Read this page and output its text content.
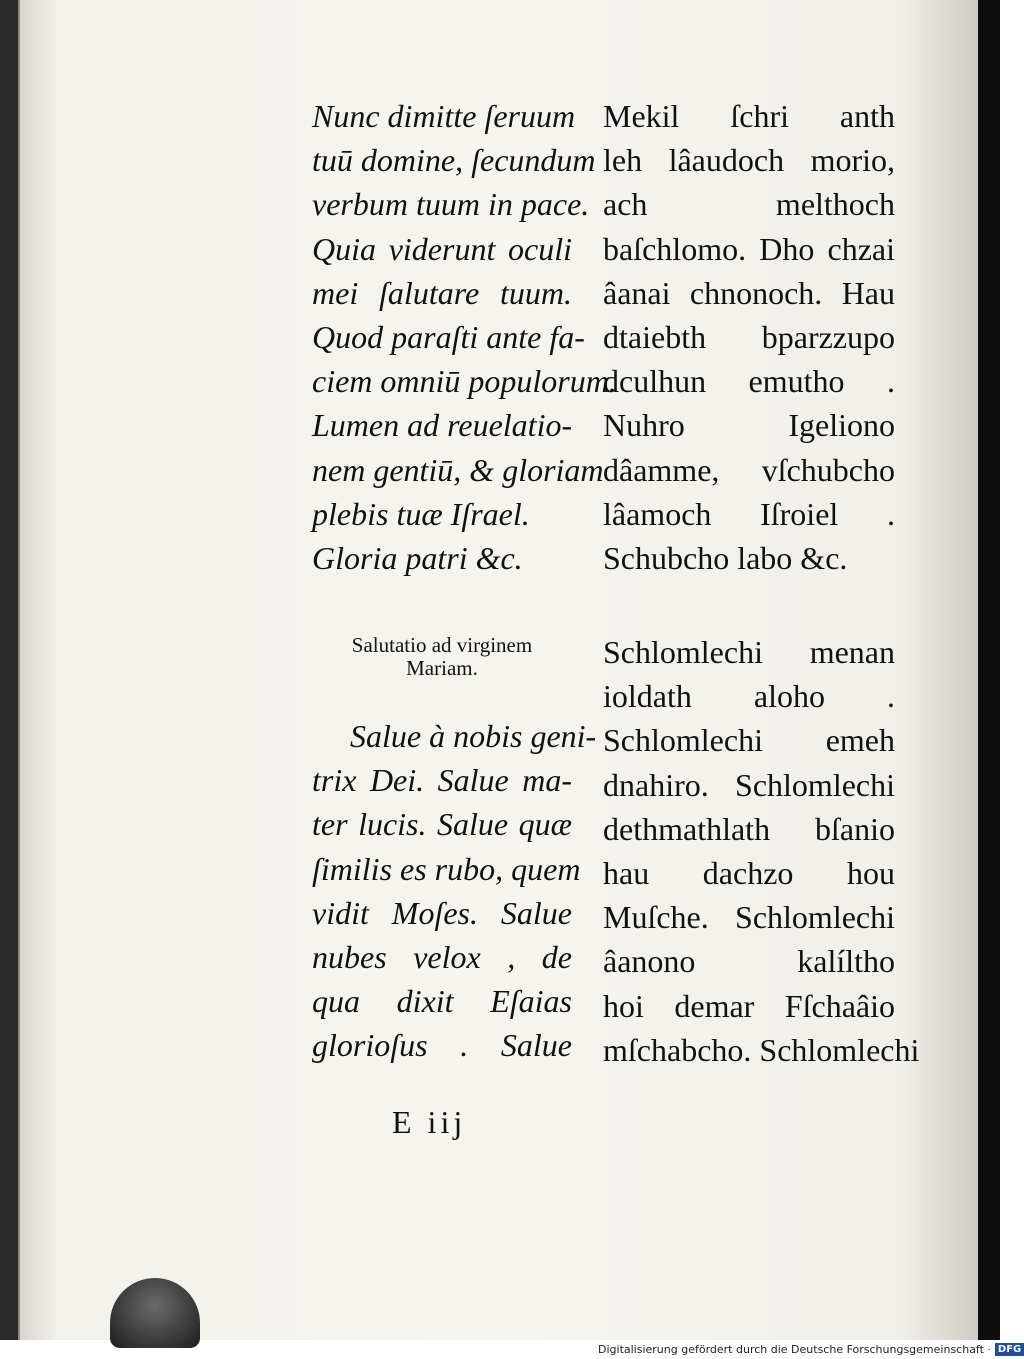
Nunc dimitte ſeruum
tuū domine, ſecundum
verbum tuum in pace.
Quia viderunt oculi
mei ſalutare tuum.
Quod paraſti ante fa-
ciem omniū populorum.
Lumen ad reuelatio-
nem gentiū, & gloriam
plebis tuæ Iſrael.
Gloria patri &c.
Mekil ſchri anth
leh lâaudoch morio,
ach melthoch
baſchlomo. Dho chzai
âanai chnonoch. Hau
dtaiebth bparzzupo
dculhun emutho .
Nuhro Igeliono
dâamme, vſchubcho
lâamoch Iſroiel .
Schubcho labo &c.
Salutatio ad virginem
Mariam.
Salue à nobis geni-
trix Dei. Salue ma-
ter lucis. Salue quæ
ſimilis es rubo, quem
vidit Moſes. Salue
nubes velox , de
qua dixit Eſaias
glorioſus . Salue
Schlomlechi menan
ioldath aloho .
Schlomlechi emeh
dnahiro. Schlomlechi
dethmathlath bſanio
hau dachzo hou
Muſche. Schlomlechi
âanono kalíltho
hoi demar Fſchaâio
mſchabcho. Schlomlechi
E iij
Digitalisierung gefördert durch die Deutsche Forschungsgemeinschaft · DFG
